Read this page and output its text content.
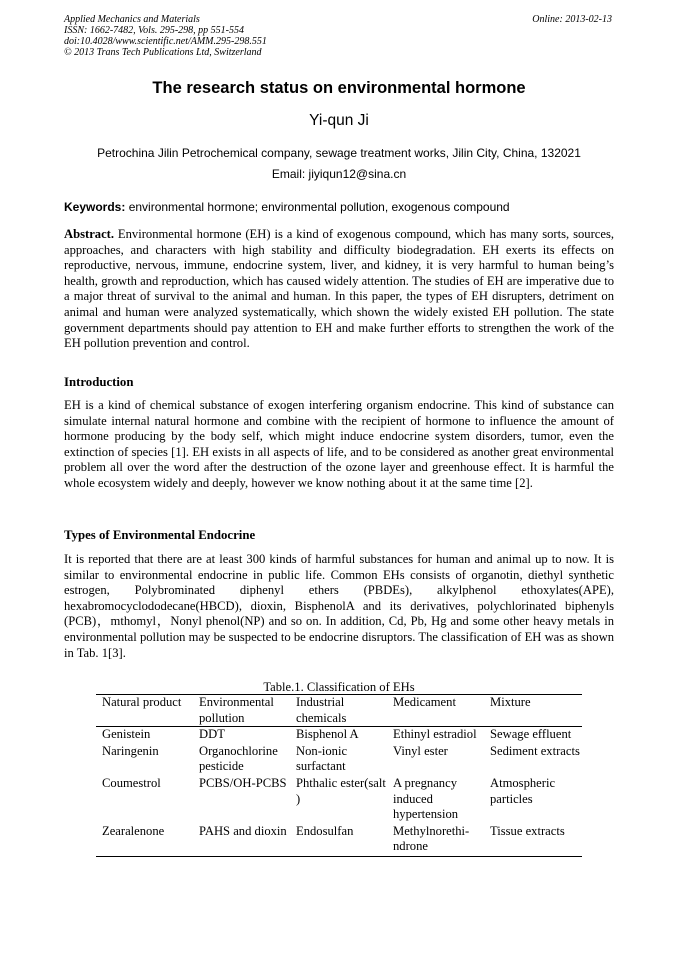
Applied Mechanics and Materials
ISSN: 1662-7482, Vols. 295-298, pp 551-554
doi:10.4028/www.scientific.net/AMM.295-298.551
© 2013 Trans Tech Publications Ltd, Switzerland
Online: 2013-02-13
The research status on environmental hormone
Yi-qun Ji
Petrochina Jilin Petrochemical company, sewage treatment works, Jilin City, China, 132021
Email: jiyiqun12@sina.cn
Keywords: environmental hormone; environmental pollution, exogenous compound
Abstract. Environmental hormone (EH) is a kind of exogenous compound, which has many sorts, sources, approaches, and characters with high stability and difficulty biodegradation. EH exerts its effects on reproductive, nervous, immune, endocrine system, liver, and kidney, it is very harmful to human being’s health, growth and reproduction, which has caused widely attention. The studies of EH are imperative due to a major threat of survival to the animal and human. In this paper, the types of EH disrupters, detriment on animal and human were analyzed systematically, which shown the widely existed EH pollution. The state government departments should pay attention to EH and make further efforts to strengthen the work of the EH pollution prevention and control.
Introduction
EH is a kind of chemical substance of exogen interfering organism endocrine. This kind of substance can simulate internal natural hormone and combine with the recipient of hormone to influence the amount of hormone producing by the body self, which might induce endocrine system disorders, tumor, even the extinction of species [1]. EH exists in all aspects of life, and to be considered as another great environmental problem all over the word after the destruction of the ozone layer and greenhouse effect. It is harmful the whole ecosystem widely and deeply, however we know nothing about it at the same time [2].
Types of Environmental Endocrine
It is reported that there are at least 300 kinds of harmful substances for human and animal up to now. It is similar to environmental endocrine in public life. Common EHs consists of organotin, diethyl synthetic estrogen, Polybrominated diphenyl ethers (PBDEs), alkylphenol ethoxylates(APE), hexabromocyclododecane(HBCD), dioxin, BisphenolA and its derivatives, polychlorinated biphenyls (PCB)，mthomyl，Nonyl phenol(NP) and so on. In addition, Cd, Pb, Hg and some other heavy metals in environmental pollution may be suspected to be endocrine disruptors. The classification of EH was as shown in Tab. 1[3].
Table.1. Classification of EHs
Natural product	Environmental pollution	Industrial chemicals	Medicament	Mixture
Genistein	DDT	Bisphenol A	Ethinyl estradiol	Sewage effluent
Naringenin	Organochlorine pesticide	Non-ionic surfactant	Vinyl ester	Sediment extracts
Coumestrol	PCBS/OH-PCBS	Phthalic ester(salt )	A pregnancy induced hypertension	Atmospheric particles
Zearalenone	PAHS and dioxin	Endosulfan	Methylnorethi-ndrone	Tissue extracts
